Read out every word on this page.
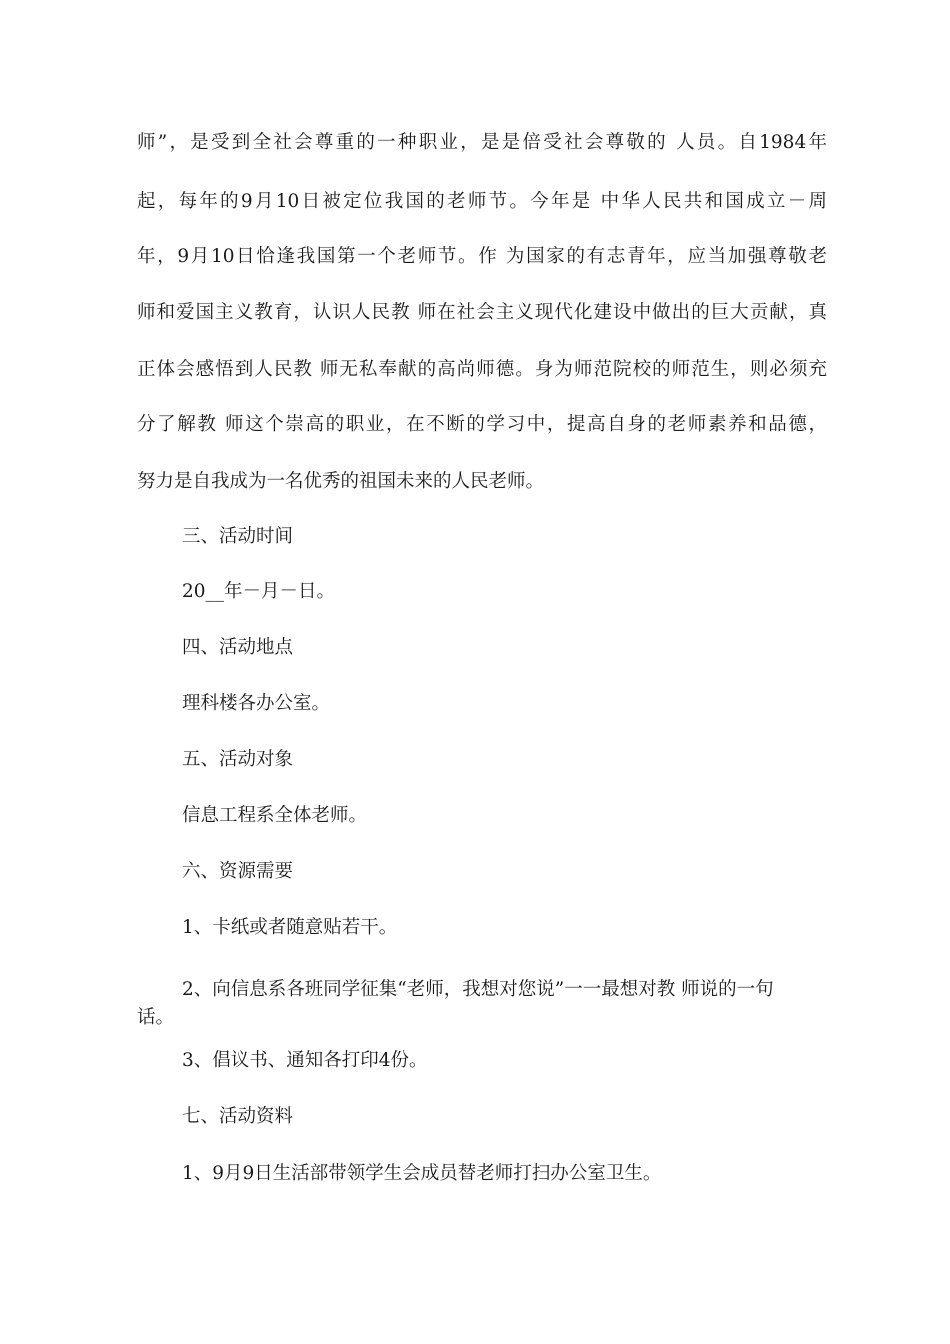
师”，是受到全社会尊重的一种职业，是是倍受社会尊敬的 人员。自1984年

起，每年的9月10日被定位我国的老师节。今年是 中华人民共和国成立－周

年，9月10日恰逢我国第一个老师节。作 为国家的有志青年，应当加强尊敬老

师和爱国主义教育，认识人民教 师在社会主义现代化建设中做出的巨大贡献，真

正体会感悟到人民教 师无私奉献的高尚师德。身为师范院校的师范生，则必须充

分了解教 师这个崇高的职业，在不断的学习中，提高自身的老师素养和品德，

努力是自我成为一名优秀的祖国未来的人民老师。

三、活动时间

20__年－月－日。

四、活动地点

理科楼各办公室。

五、活动对象

信息工程系全体老师。

六、资源需要

1、卡纸或者随意贴若干。

2、向信息系各班同学征集“老师，我想对您说”一一最想对教 师说的一句
话。

3、倡议书、通知各打印4份。

七、活动资料

1、9月9日生活部带领学生会成员替老师打扫办公室卫生。
